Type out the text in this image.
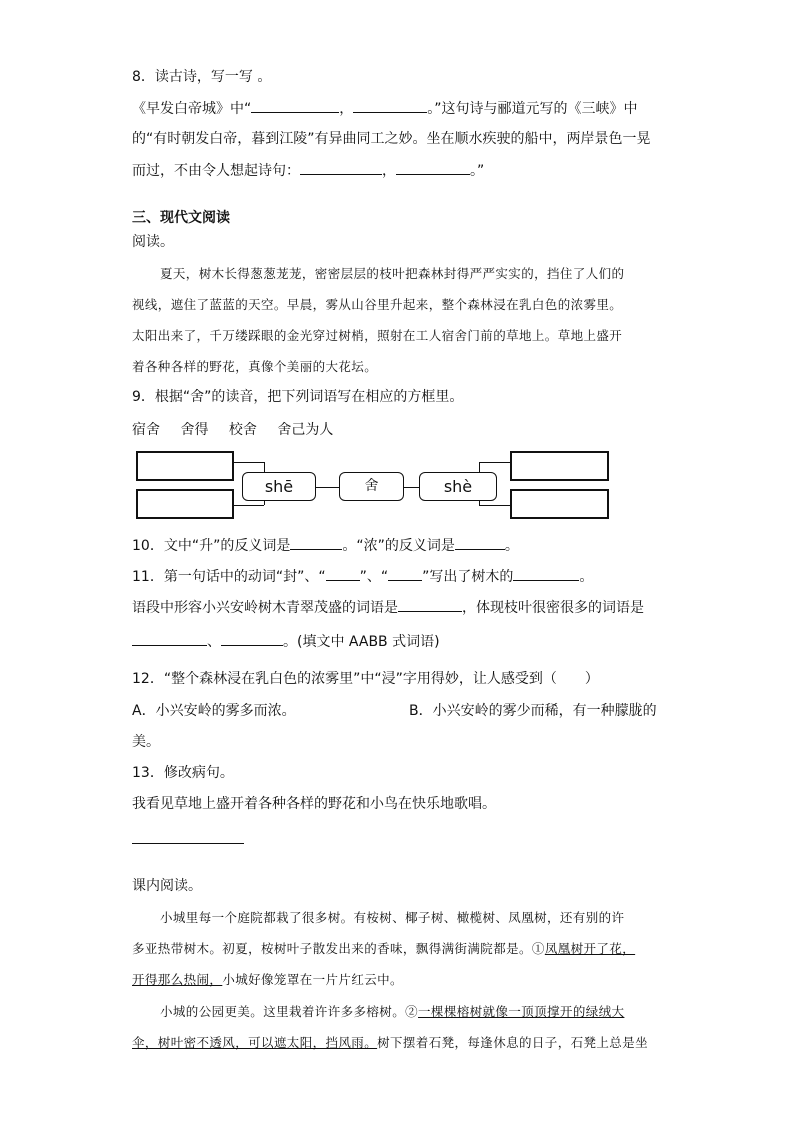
8．读古诗，写一写 。
《早发白帝城》中“	，	。”这句诗与郦道元写的《三峡》中
的“有时朝发白帝，暮到江陵”有异曲同工之妙。坐在顺水疾驶的船中，两岸景色一晃
而过，不由令人想起诗句：	，	。”
三、现代文阅读
阅读。
夏天，树木长得葱葱茏茏，密密层层的枝叶把森林封得严严实实的，挡住了人们的
视线，遮住了蓝蓝的天空。早晨，雾从山谷里升起来，整个森林浸在乳白色的浓雾里。
太阳出来了，千万缕踩眼的金光穿过树梢，照射在工人宿舍门前的草地上。草地上盛开
着各种各样的野花，真像个美丽的大花坛。
9．根据“舍”的读音，把下列词语写在相应的方框里。
宿舍 舍得 校舍 舍己为人
shē	舍	shè
10．文中“升”的反义词是	。“浓”的反义词是	。
11．第一句话中的动词“封”、“ ”、“ ”写出了树木的	。
语段中形容小兴安岭树木青翠茂盛的词语是	，体现枝叶很密很多的词语是
、	。(填文中 AABB 式词语)
12．“整个森林浸在乳白色的浓雾里”中“浸”字用得妙，让人感受到（　　）
A．小兴安岭的雾多而浓。	B．小兴安岭的雾少而稀，有一种朦胧的
美。
13．修改病句。
我看见草地上盛开着各种各样的野花和小鸟在快乐地歌唱。
课内阅读。
小城里每一个庭院都栽了很多树。有桉树、椰子树、橄榄树、凤凰树，还有别的许
多亚热带树木。初夏，桉树叶子散发出来的香味，飘得满街满院都是。①凤凰树开了花，
开得那么热闹，小城好像笼罩在一片片红云中。
小城的公园更美。这里栽着许许多多榕树。②一棵棵榕树就像一顶顶撑开的绿绒大
伞，树叶密不透风，可以遮太阳，挡风雨。树下摆着石凳，每逢休息的日子，石凳上总是坐
